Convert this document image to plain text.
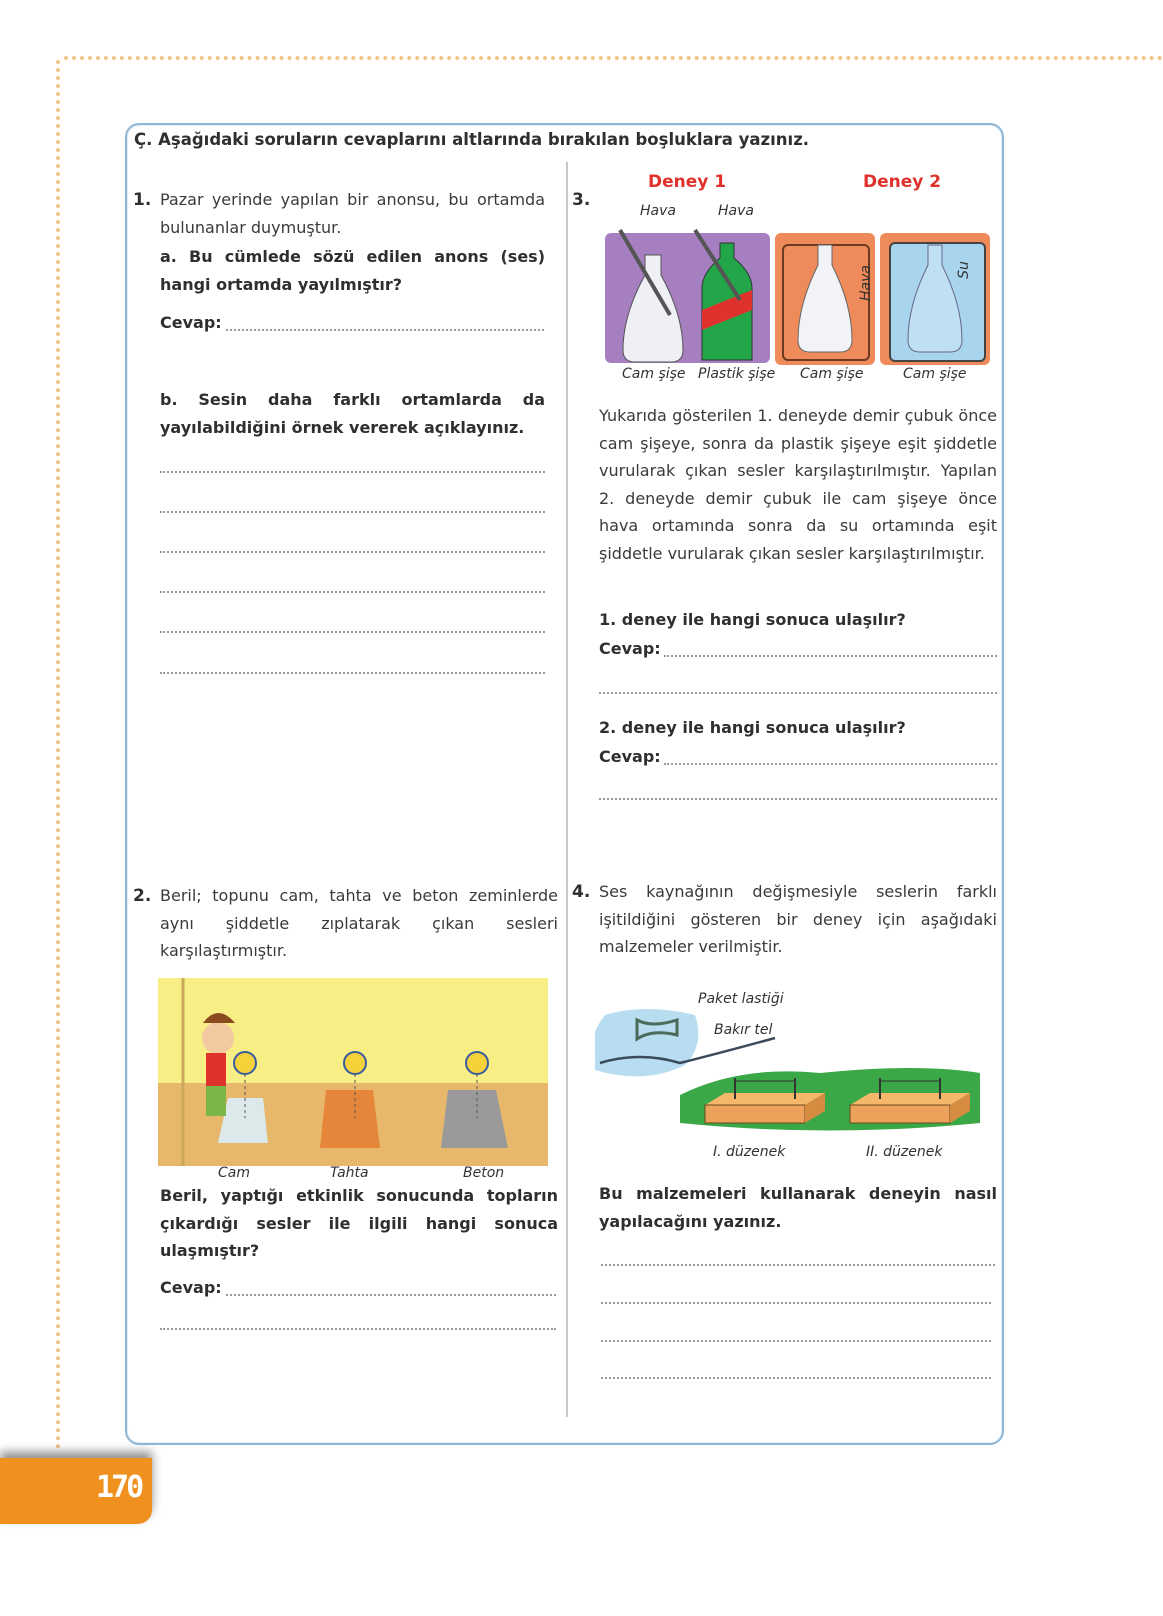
Ç. Aşağıdaki soruların cevaplarını altlarında bırakılan boşluklara yazınız.
1. Pazar yerinde yapılan bir anonsu, bu ortamda bulunanlar duymuştur.
a. Bu cümlede sözü edilen anons (ses) hangi ortamda yayılmıştır?
Cevap:
b. Sesin daha farklı ortamlarda da yayılabildiğini örnek vererek açıklayınız.
3.
Deney 1	Deney 2
Hava	Hava
Hava	Su
Cam şişe Plastik şişe Cam şişe	Cam şişe
Yukarıda gösterilen 1. deneyde demir çubuk önce cam şişeye, sonra da plastik şişeye eşit şiddetle vurularak çıkan sesler karşılaştırılmıştır. Yapılan 2. deneyde demir çubuk ile cam şişeye önce hava ortamında sonra da su ortamında eşit şiddetle vurularak çıkan sesler karşılaştırılmıştır.
1. deney ile hangi sonuca ulaşılır?
Cevap:
2. deney ile hangi sonuca ulaşılır?
Cevap:
2. Beril; topunu cam, tahta ve beton zeminlerde aynı şiddetle zıplatarak çıkan sesleri karşılaştırmıştır.
Cam	Tahta	Beton
Beril, yaptığı etkinlik sonucunda topların çıkardığı sesler ile ilgili hangi sonuca ulaşmıştır?
Cevap:
4. Ses kaynağının değişmesiyle seslerin farklı işitildiğini gösteren bir deney için aşağıdaki malzemeler verilmiştir.
Paket lastiği
Bakır tel
I. düzenek	II. düzenek
Bu malzemeleri kullanarak deneyin nasıl yapılacağını yazınız.
170
